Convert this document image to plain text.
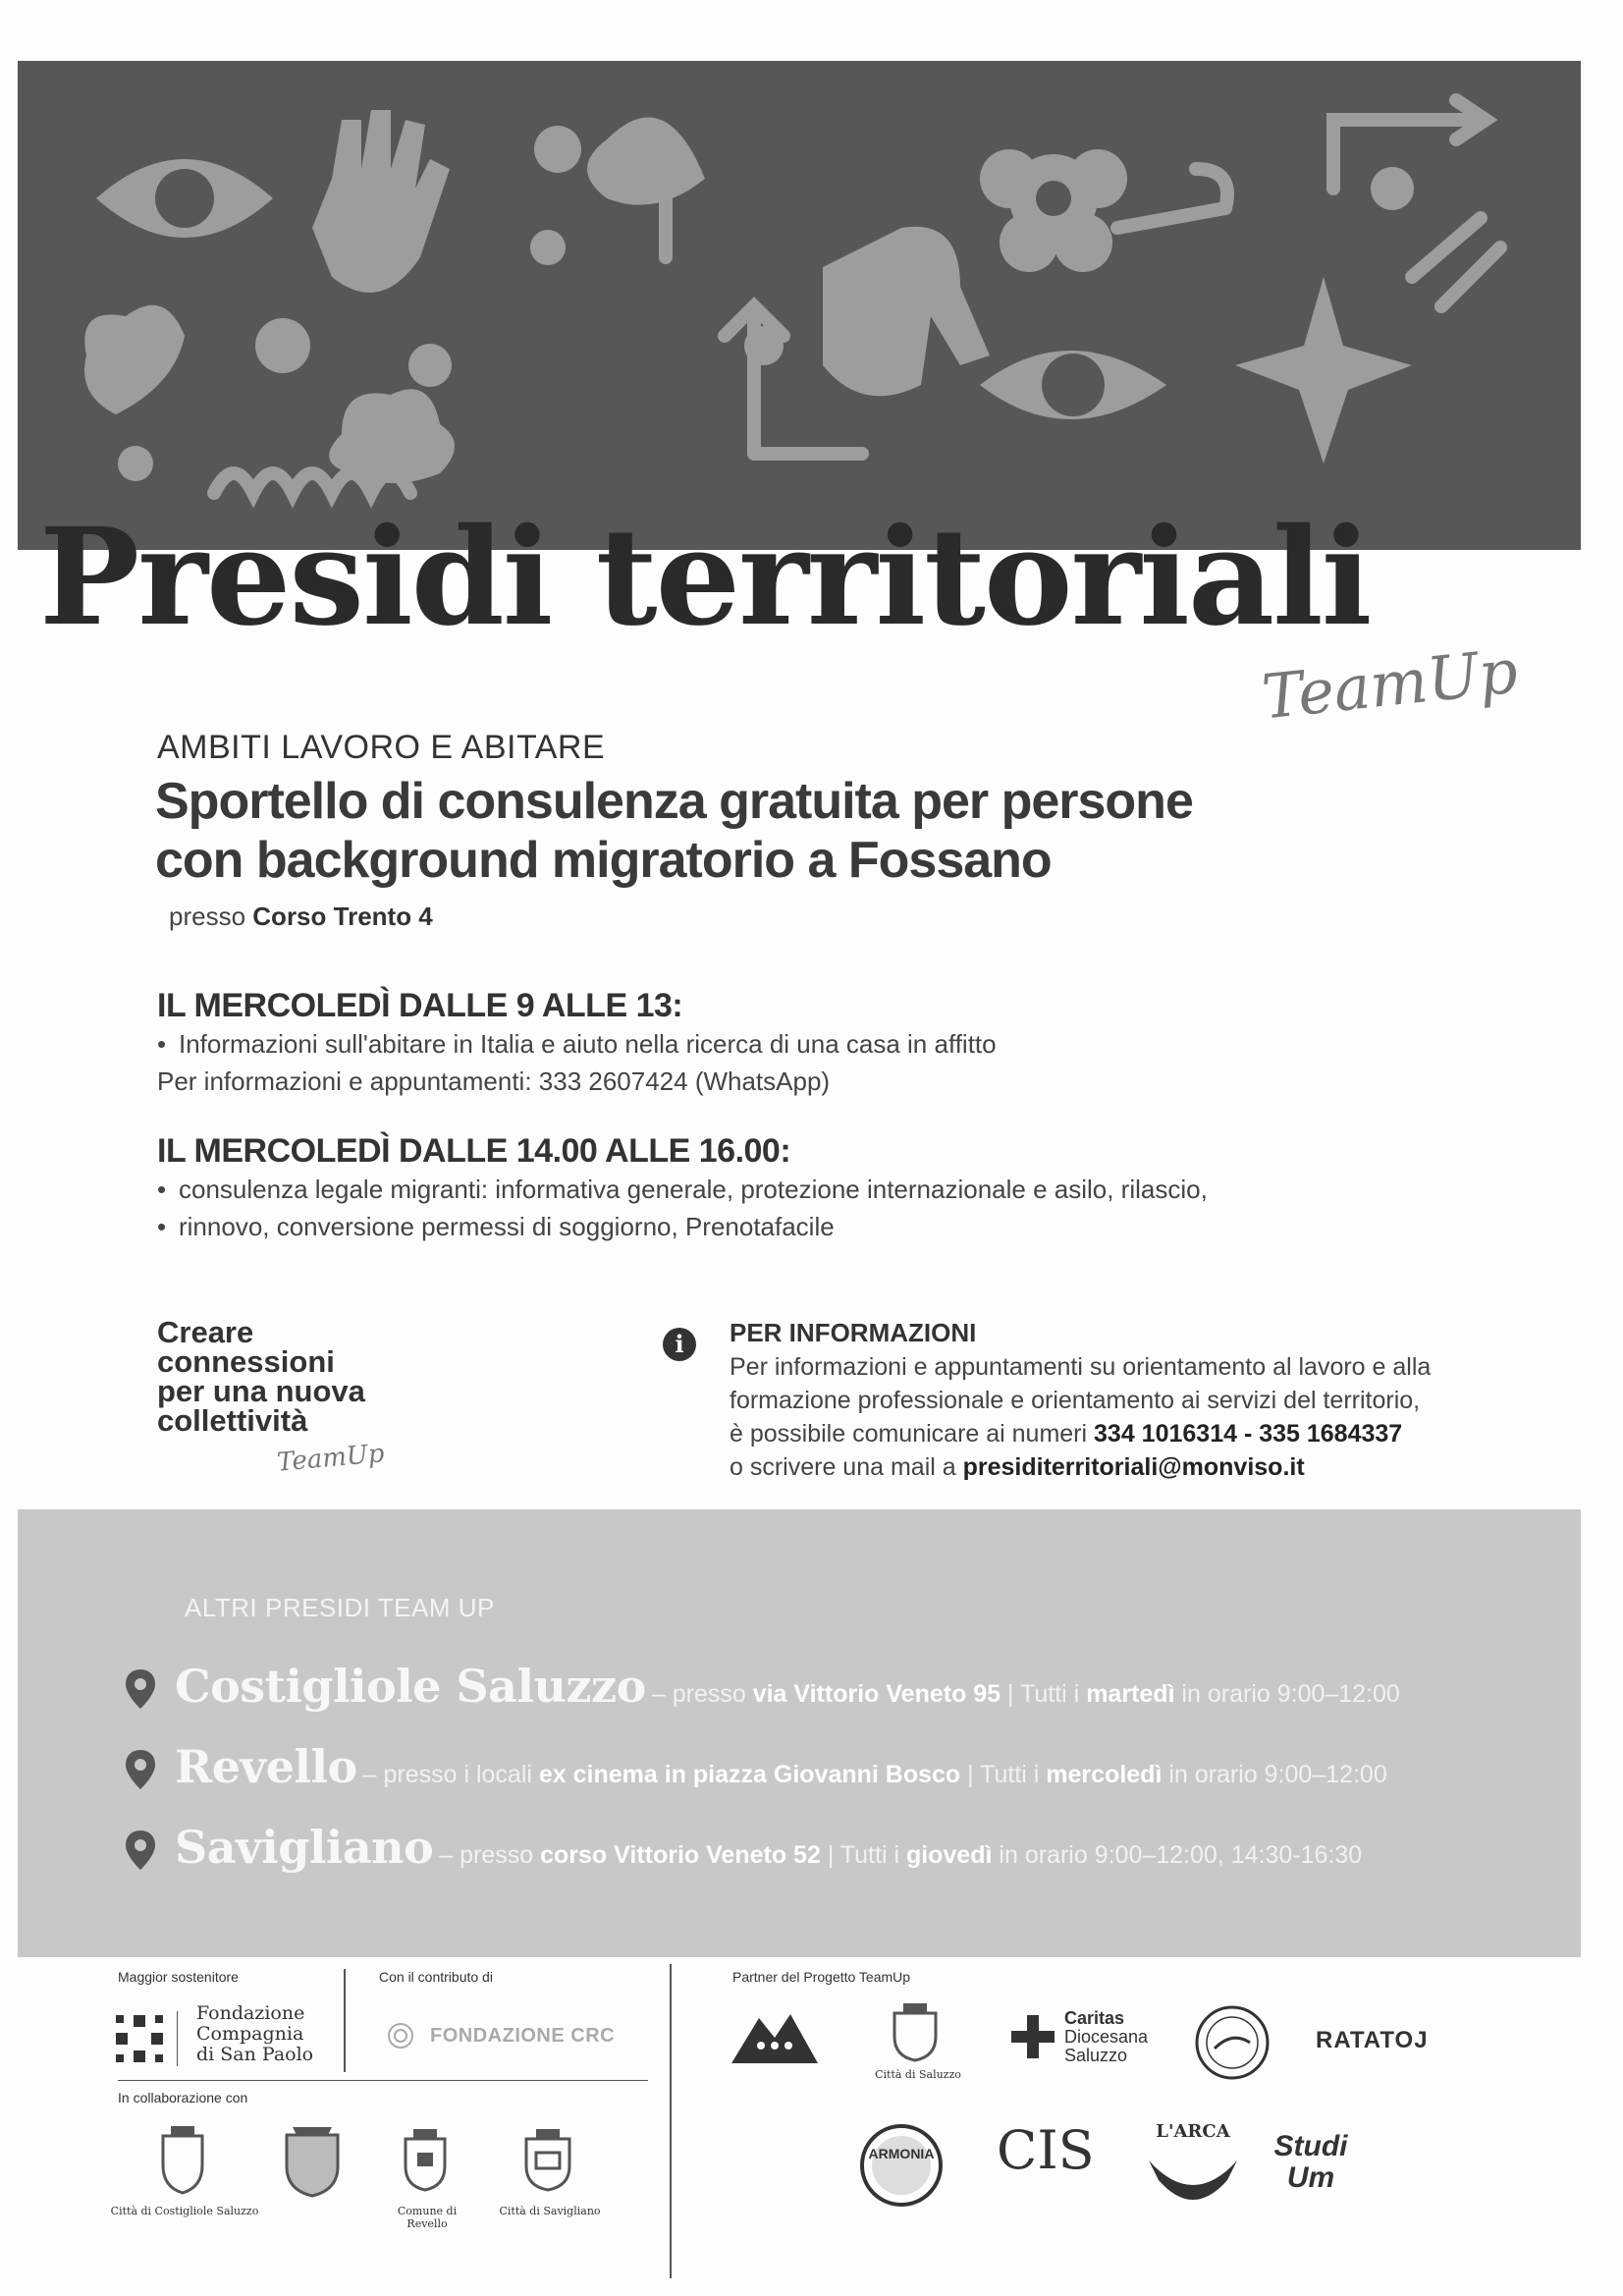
Presidi territoriali
TeamUp
AMBITI LAVORO E ABITARE
Sportello di consulenza gratuita per persone
con background migratorio a Fossano
presso Corso Trento 4
IL MERCOLEDÌ DALLE 9 ALLE 13:
• Informazioni sull'abitare in Italia e aiuto nella ricerca di una casa in affitto
Per informazioni e appuntamenti: 333 2607424 (WhatsApp)
IL MERCOLEDÌ DALLE 14.00 ALLE 16.00:
• consulenza legale migranti: informativa generale, protezione internazionale e asilo, rilascio,
• rinnovo, conversione permessi di soggiorno, Prenotafacile
Creare
connessioni
per una nuova
collettività
TeamUp
i	PER INFORMAZIONI

Per informazioni e appuntamenti su orientamento al lavoro e alla

formazione professionale e orientamento ai servizi del territorio,

è possibile comunicare ai numeri 334 1016314 - 335 1684337

o scrivere una mail a presiditerritoriali@monviso.it

ALTRI PRESIDI TEAM UP
Costigliole Saluzzo – presso via Vittorio Veneto 95 | Tutti i martedì in orario 9:00–12:00
Revello – presso i locali ex cinema in piazza Giovanni Bosco | Tutti i mercoledì in orario 9:00–12:00
Savigliano – presso corso Vittorio Veneto 52 | Tutti i giovedì in orario 9:00–12:00, 14:30-16:30
Maggior sostenitore	Con il contributo di	Partner del Progetto TeamUp
Fondazione
Compagnia
di San Paolo
FONDAZIONE CRC
In collaborazione con
Città di Costigliole Saluzzo	Comune di Revello
Città di Savigliano
Città di Saluzzo
Caritas
Diocesana
Saluzzo
RATATOJ
ARMONIA CIS	L'ARCA	Studi Um
